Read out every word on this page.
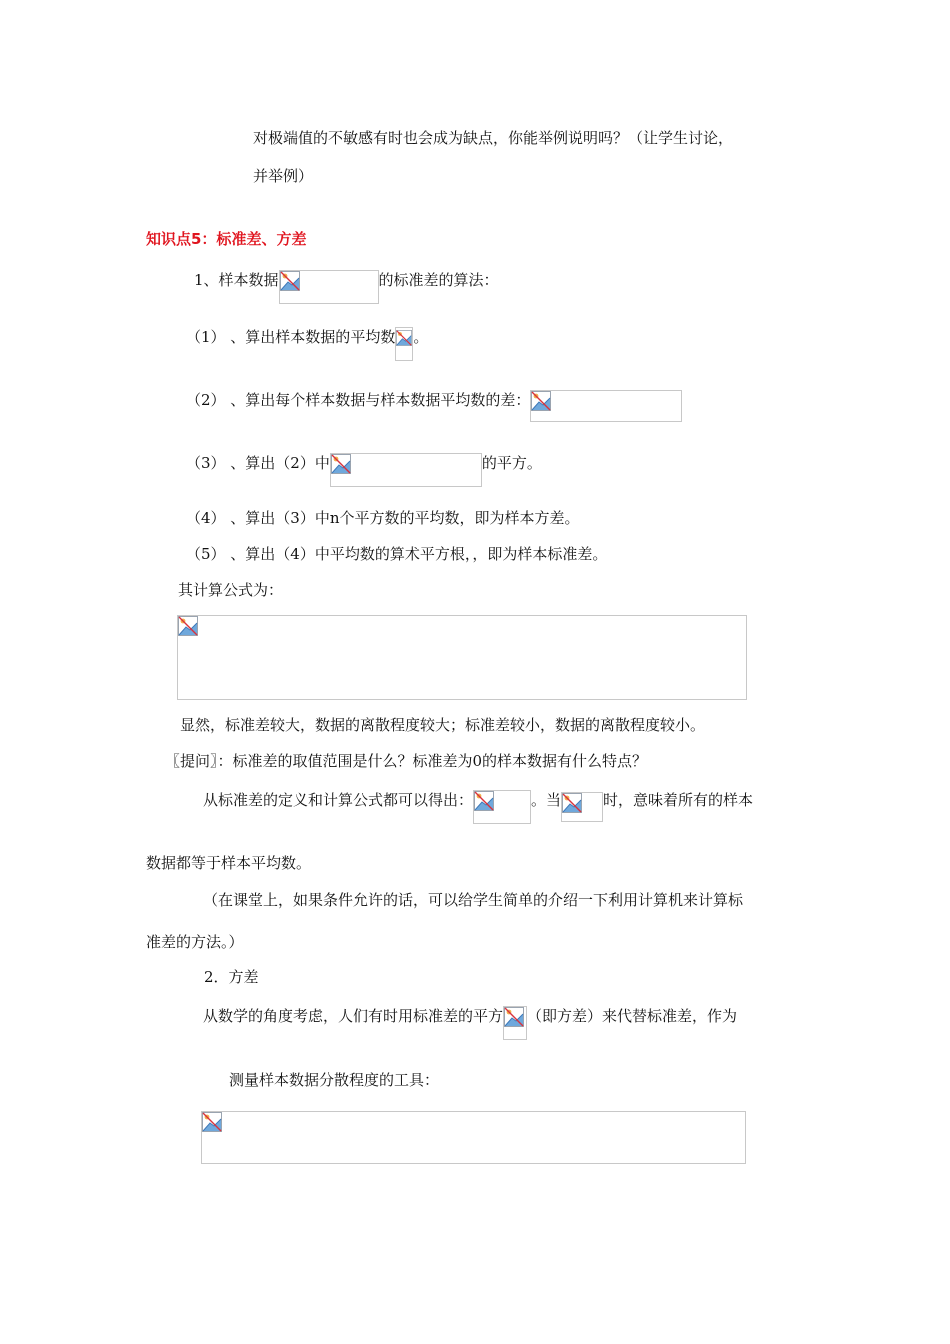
对极端值的不敏感有时也会成为缺点，你能举例说明吗？（让学生讨论，
并举例）
知识点5：标准差、方差
1、样本数据	的标准差的算法：
（1） 、算出样本数据的平均数 。
（2） 、算出每个样本数据与样本数据平均数的差：
（3） 、算出（2）中	的平方。
（4） 、算出（3）中n个平方数的平均数，即为样本方差。
（5） 、算出（4）中平均数的算术平方根，，即为样本标准差。
其计算公式为：
显然，标准差较大，数据的离散程度较大；标准差较小，数据的离散程度较小。
〖提问〗：标准差的取值范围是什么？标准差为0的样本数据有什么特点？
从标准差的定义和计算公式都可以得出：	。当	时，意味着所有的样本
数据都等于样本平均数。
（在课堂上，如果条件允许的话，可以给学生简单的介绍一下利用计算机来计算标
准差的方法。）
2．方差
从数学的角度考虑，人们有时用标准差的平方 （即方差）来代替标准差，作为
测量样本数据分散程度的工具：
